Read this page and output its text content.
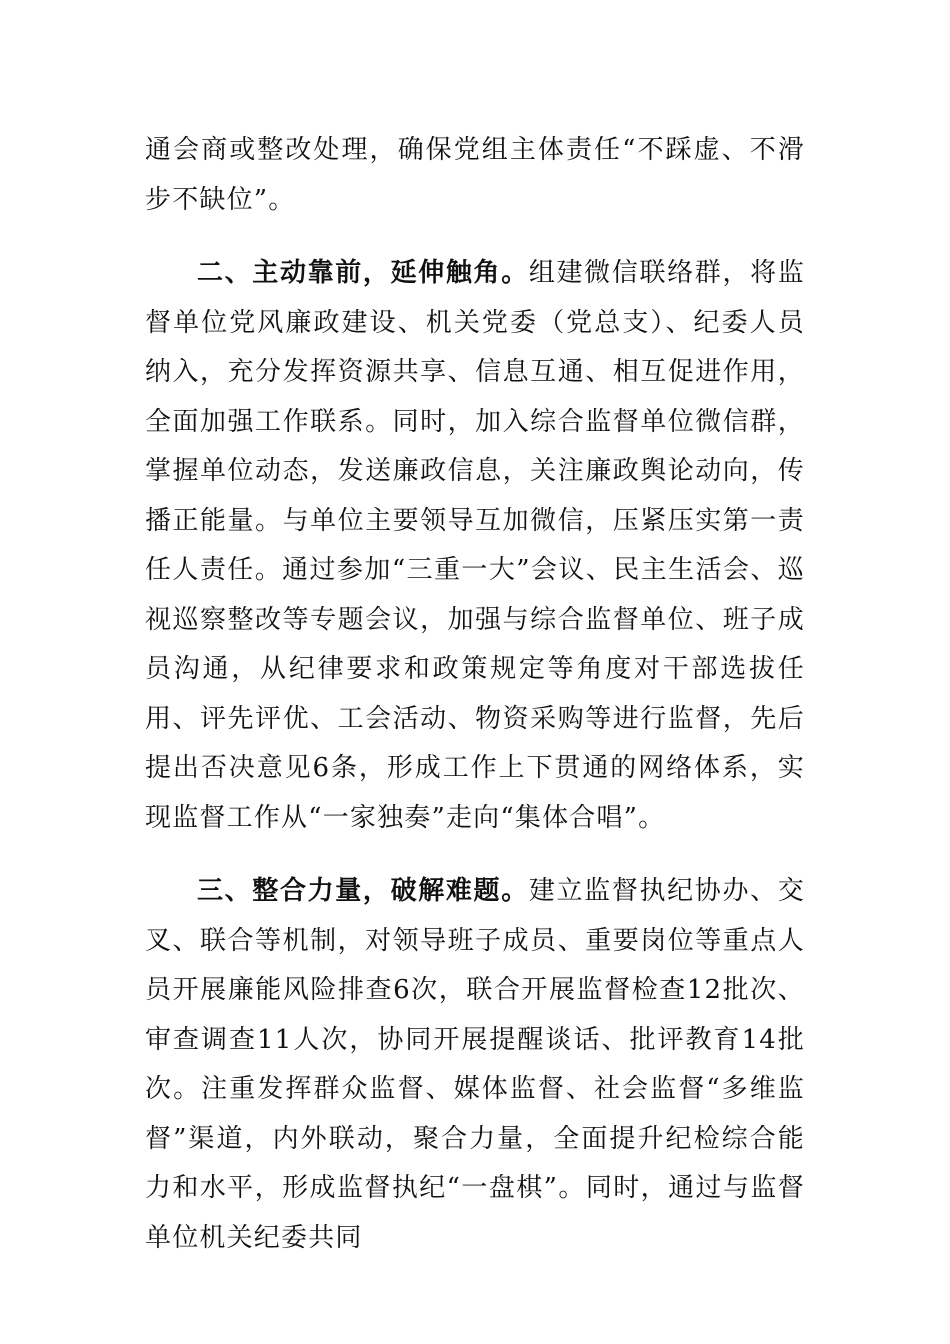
通会商或整改处理，确保党组主体责任“不踩虚、不滑步不缺位”。

二、主动靠前，延伸触角。组建微信联络群，将监督单位党风廉政建设、机关党委（党总支）、纪委人员纳入，充分发挥资源共享、信息互通、相互促进作用，全面加强工作联系。同时，加入综合监督单位微信群，掌握单位动态，发送廉政信息，关注廉政舆论动向，传播正能量。与单位主要领导互加微信，压紧压实第一责任人责任。通过参加“三重一大”会议、民主生活会、巡视巡察整改等专题会议，加强与综合监督单位、班子成员沟通，从纪律要求和政策规定等角度对干部选拔任用、评先评优、工会活动、物资采购等进行监督，先后提出否决意见6条，形成工作上下贯通的网络体系，实现监督工作从“一家独奏”走向“集体合唱”。

三、整合力量，破解难题。建立监督执纪协办、交叉、联合等机制，对领导班子成员、重要岗位等重点人员开展廉能风险排查6次，联合开展监督检查12批次、审查调查11人次，协同开展提醒谈话、批评教育14批次。注重发挥群众监督、媒体监督、社会监督“多维监督”渠道，内外联动，聚合力量，全面提升纪检综合能力和水平，形成监督执纪“一盘棋”。同时，通过与监督单位机关纪委共同
